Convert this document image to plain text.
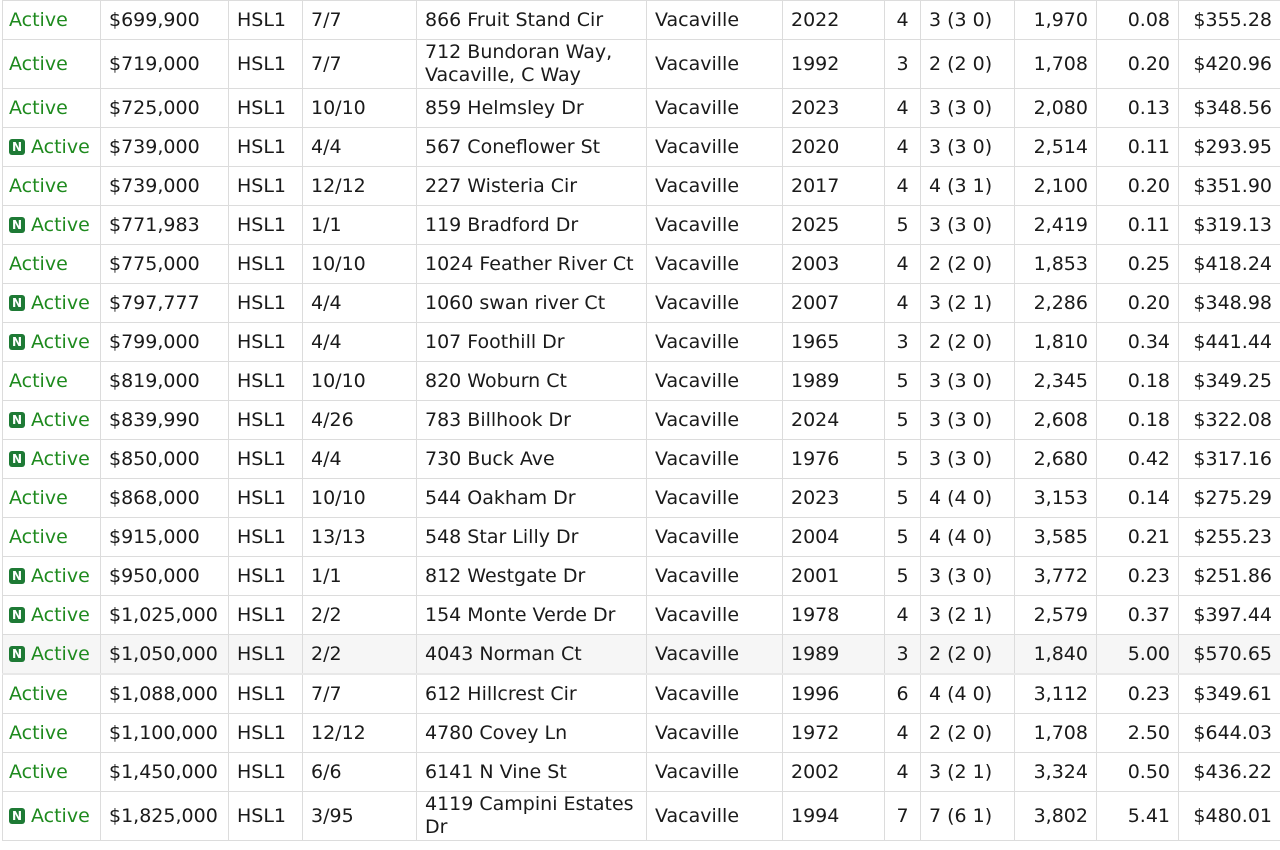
Active	$699,900	HSL1	7/7	866 Fruit Stand Cir	Vacaville	2022	4	3 (3 0)	1,970	0.08	$355.28
Active	$719,000	HSL1	7/7	712 Bundoran Way, Vacaville, C Way	Vacaville	1992	3	2 (2 0)	1,708	0.20	$420.96
Active	$725,000	HSL1	10/10	859 Helmsley Dr	Vacaville	2023	4	3 (3 0)	2,080	0.13	$348.56
N Active	$739,000	HSL1	4/4	567 Coneflower St	Vacaville	2020	4	3 (3 0)	2,514	0.11	$293.95
Active	$739,000	HSL1	12/12	227 Wisteria Cir	Vacaville	2017	4	4 (3 1)	2,100	0.20	$351.90
N Active	$771,983	HSL1	1/1	119 Bradford Dr	Vacaville	2025	5	3 (3 0)	2,419	0.11	$319.13
Active	$775,000	HSL1	10/10	1024 Feather River Ct	Vacaville	2003	4	2 (2 0)	1,853	0.25	$418.24
N Active	$797,777	HSL1	4/4	1060 swan river Ct	Vacaville	2007	4	3 (2 1)	2,286	0.20	$348.98
N Active	$799,000	HSL1	4/4	107 Foothill Dr	Vacaville	1965	3	2 (2 0)	1,810	0.34	$441.44
Active	$819,000	HSL1	10/10	820 Woburn Ct	Vacaville	1989	5	3 (3 0)	2,345	0.18	$349.25
N Active	$839,990	HSL1	4/26	783 Billhook Dr	Vacaville	2024	5	3 (3 0)	2,608	0.18	$322.08
N Active	$850,000	HSL1	4/4	730 Buck Ave	Vacaville	1976	5	3 (3 0)	2,680	0.42	$317.16
Active	$868,000	HSL1	10/10	544 Oakham Dr	Vacaville	2023	5	4 (4 0)	3,153	0.14	$275.29
Active	$915,000	HSL1	13/13	548 Star Lilly Dr	Vacaville	2004	5	4 (4 0)	3,585	0.21	$255.23
N Active	$950,000	HSL1	1/1	812 Westgate Dr	Vacaville	2001	5	3 (3 0)	3,772	0.23	$251.86
N Active	$1,025,000	HSL1	2/2	154 Monte Verde Dr	Vacaville	1978	4	3 (2 1)	2,579	0.37	$397.44
N Active	$1,050,000	HSL1	2/2	4043 Norman Ct	Vacaville	1989	3	2 (2 0)	1,840	5.00	$570.65
Active	$1,088,000	HSL1	7/7	612 Hillcrest Cir	Vacaville	1996	6	4 (4 0)	3,112	0.23	$349.61
Active	$1,100,000	HSL1	12/12	4780 Covey Ln	Vacaville	1972	4	2 (2 0)	1,708	2.50	$644.03
Active	$1,450,000	HSL1	6/6	6141 N Vine St	Vacaville	2002	4	3 (2 1)	3,324	0.50	$436.22
N Active	$1,825,000	HSL1	3/95	4119 Campini Estates Dr	Vacaville	1994	7	7 (6 1)	3,802	5.41	$480.01
